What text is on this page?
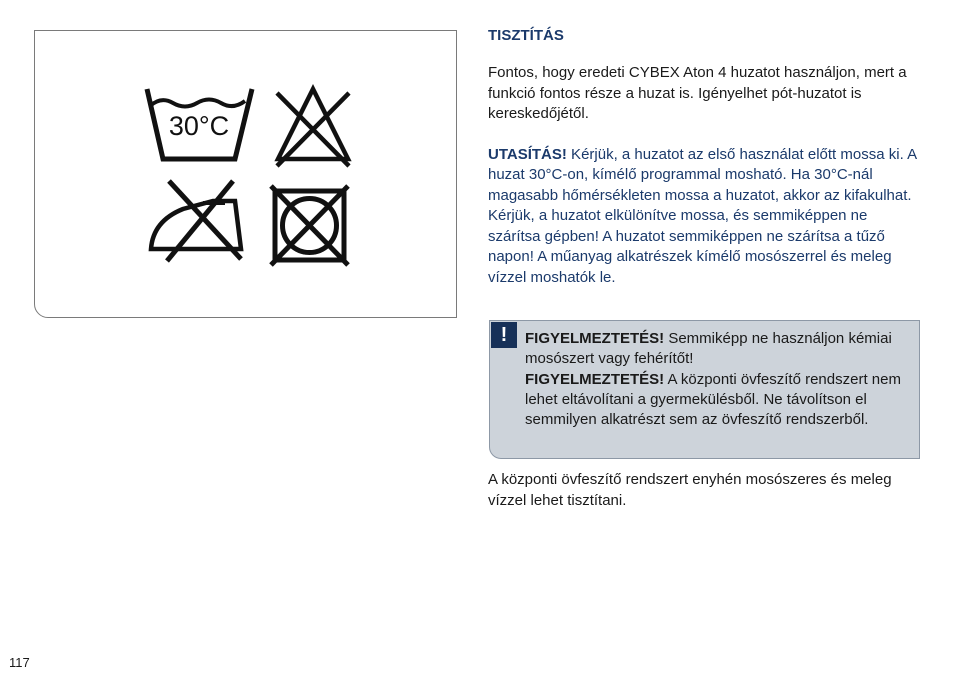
30°C
TISZTÍTÁS

Fontos, hogy eredeti CYBEX Aton 4 huzatot használjon, mert a funkció fontos része a huzat is. Igényelhet pót-huzatot is kereskedőjétől.

UTASÍTÁS! Kérjük, a huzatot az első használat előtt mossa ki. A huzat 30°C-on, kímélő programmal mosható. Ha 30°C-nál magasabb hőmérsékleten mossa a huzatot, akkor az kifakulhat. Kérjük, a huzatot elkülönítve mossa, és semmiképpen ne szárítsa gépben! A huzatot semmiképpen ne szárítsa a tűző napon! A műanyag alkatrészek kímélő mosószerrel és meleg vízzel moshatók le.

!	FIGYELMEZTETÉS! Semmiképp ne használjon kémiai mosószert vagy fehérítőt!
FIGYELMEZTETÉS! A központi övfeszítő rendszert nem lehet eltávolítani a gyermekülésből. Ne távolítson el semmilyen alkatrészt sem az övfeszítő rendszerből.

A központi övfeszítő rendszert enyhén mosószeres és meleg vízzel lehet tisztítani.

117
